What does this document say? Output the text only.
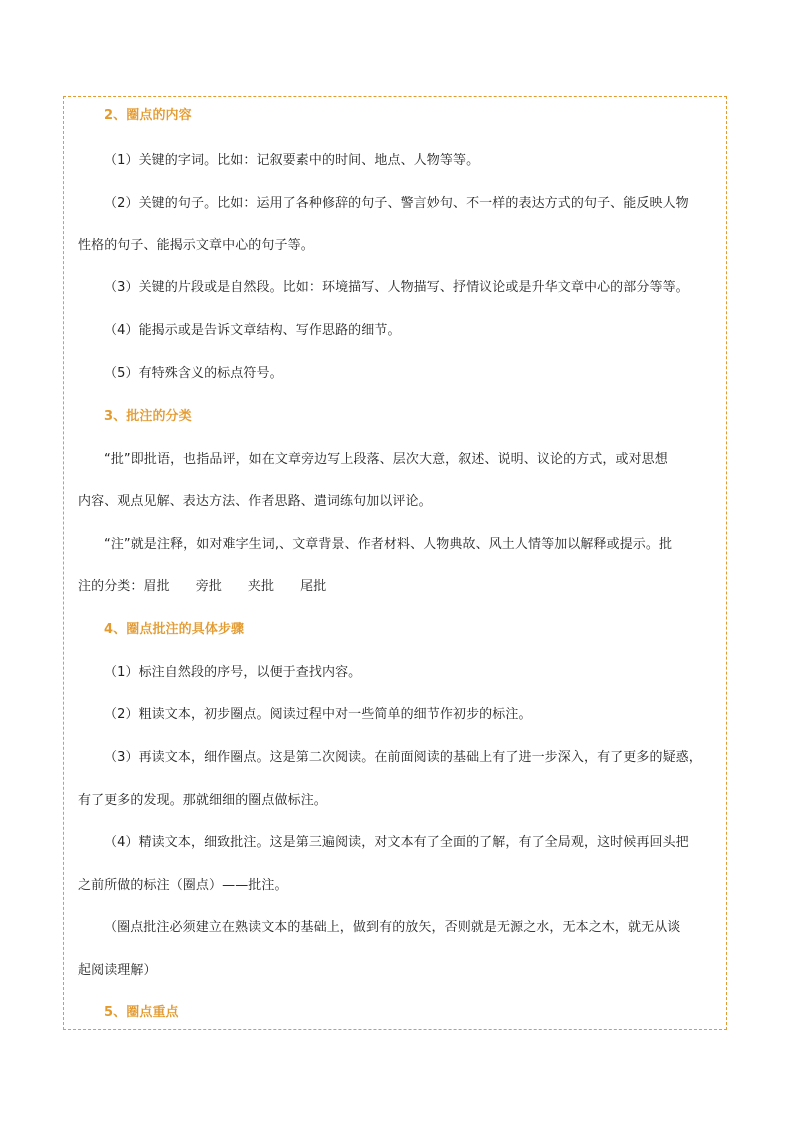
2、圈点的内容
（1）关键的字词。比如：记叙要素中的时间、地点、人物等等。
（2）关键的句子。比如：运用了各种修辞的句子、警言妙句、不一样的表达方式的句子、能反映人物
性格的句子、能揭示文章中心的句子等。
（3）关键的片段或是自然段。比如：环境描写、人物描写、抒情议论或是升华文章中心的部分等等。
（4）能揭示或是告诉文章结构、写作思路的细节。
（5）有特殊含义的标点符号。
3、批注的分类
“批”即批语，也指品评，如在文章旁边写上段落、层次大意，叙述、说明、议论的方式，或对思想
内容、观点见解、表达方法、作者思路、遣词练句加以评论。
“注”就是注释，如对难字生词,、文章背景、作者材料、人物典故、风土人情等加以解释或提示。批
注的分类：眉批 旁批 夹批 尾批
4、圈点批注的具体步骤
（1）标注自然段的序号，以便于查找内容。
（2）粗读文本，初步圈点。阅读过程中对一些简单的细节作初步的标注。
（3）再读文本，细作圈点。这是第二次阅读。在前面阅读的基础上有了进一步深入，有了更多的疑惑，
有了更多的发现。那就细细的圈点做标注。
（4）精读文本，细致批注。这是第三遍阅读，对文本有了全面的了解，有了全局观，这时候再回头把
之前所做的标注（圈点）——批注。
（圈点批注必须建立在熟读文本的基础上，做到有的放矢，否则就是无源之水，无本之木，就无从谈
起阅读理解）
5、圈点重点
